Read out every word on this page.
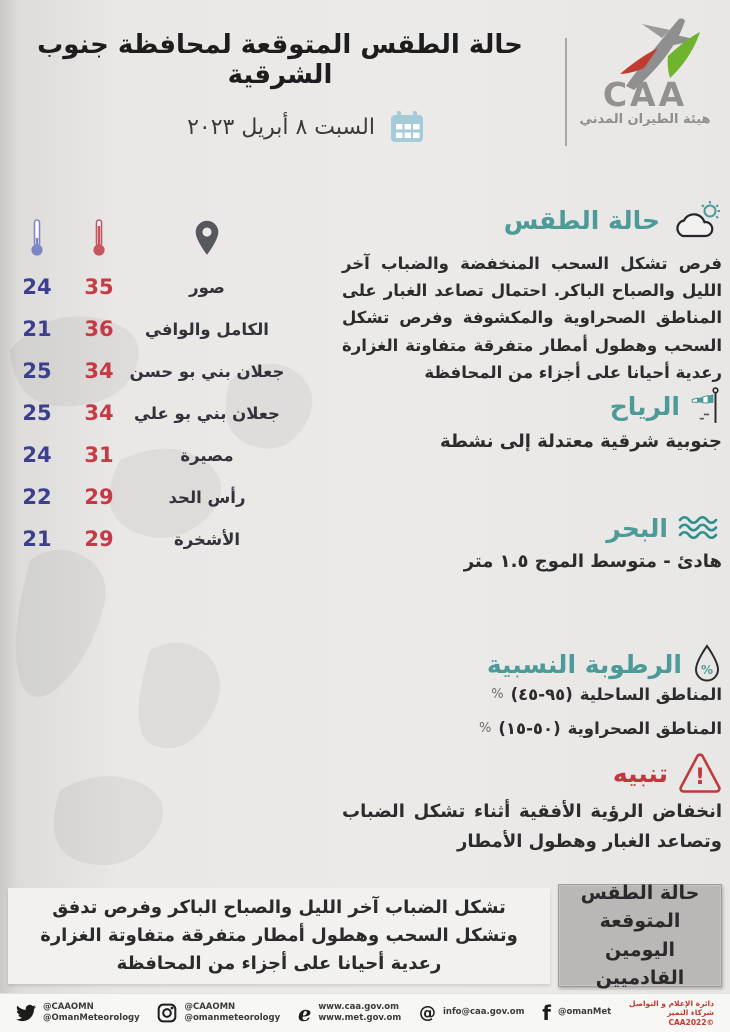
حالة الطقس المتوقعة لمحافظة جنوب الشرقية
السبت ٨ أبريل ٢٠٢٣
CAA
هيئة الطيران المدني
24 35	صور
21 36 الكامل والوافي
25 34 جعلان بني بو حسن
25 34 جعلان بني بو علي
24 31	مصيرة
22 29	رأس الحد
21 29	الأشخرة
حالة الطقس
فرص تشكل السحب المنخفضة والضباب آخر الليل والصباح الباكر. احتمال تصاعد الغبار على المناطق الصحراوية والمكشوفة وفرص تشكل السحب وهطول أمطار متفرقة متفاوتة الغزارة رعدية أحيانا على أجزاء من المحافظة
الرياح
جنوبية شرقية معتدلة إلى نشطة
البحر
هادئ - متوسط الموج ١.٥ متر
%
الرطوبة النسبية
المناطق الساحلية
(٤٥-٩٥)
%
المناطق الصحراوية
(١٥-٥٠)
%
!
تنبيه
انخفاض الرؤية الأفقية أثناء تشكل الضباب وتصاعد الغبار وهطول الأمطار
حالة الطقس المتوقعة اليومين القادميين
تشكل الضباب آخر الليل والصباح الباكر وفرص تدفق وتشكل السحب وهطول أمطار متفرقة متفاوتة الغزارة رعدية أحيانا على أجزاء من المحافظة
@CAAOMN
@OmanMeteorology
@CAAOMN
@omanmeteorology e www.caa.gov.om
www.met.gov.om @ info@caa.gov.om f @omanMet
دائرة الإعلام و التواصل
شركاء التميز
©CAA2022
